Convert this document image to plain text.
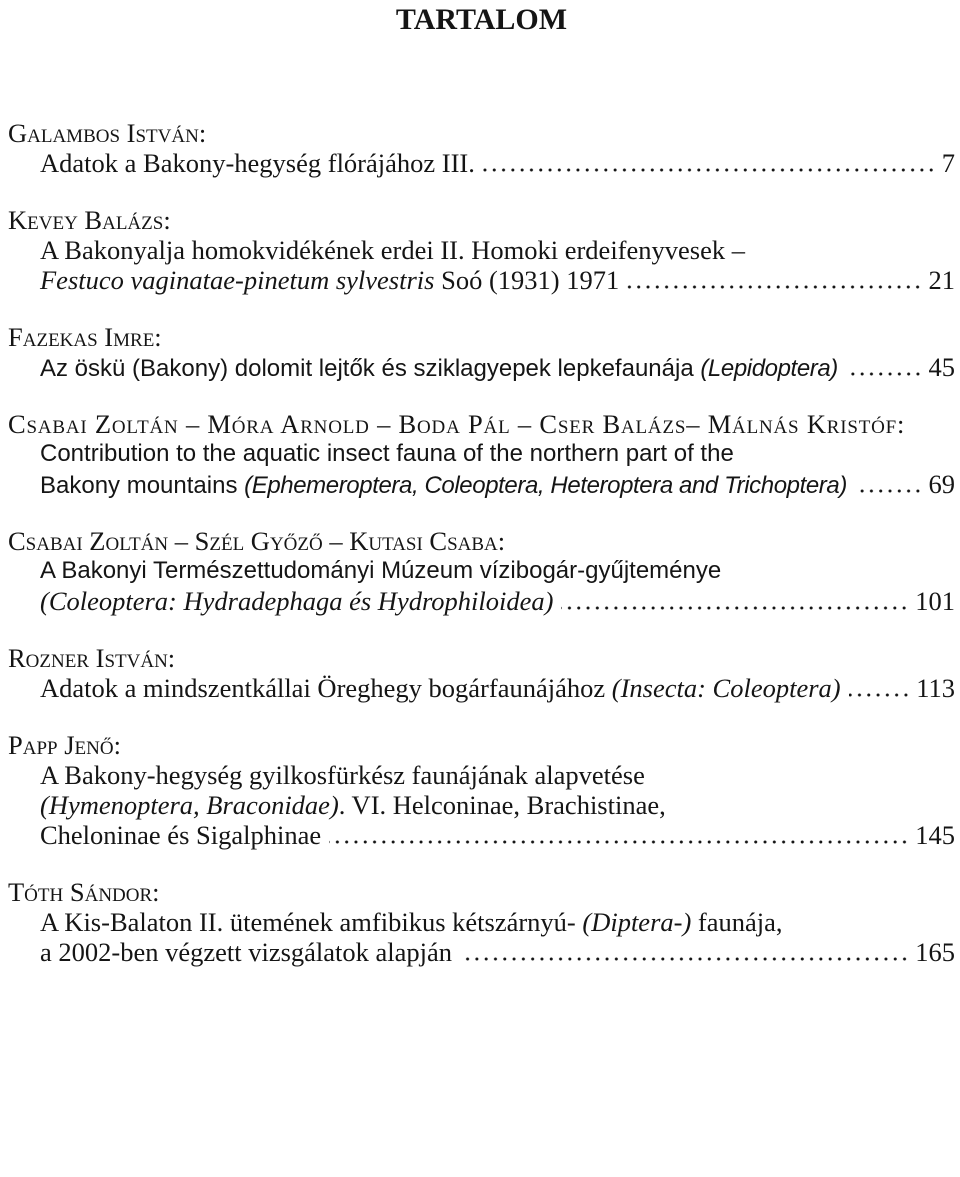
TARTALOM
Galambos István:
Adatok a Bakony-hegység flórájához III.	7
Kevey Balázs:
A Bakonyalja homokvidékének erdei II. Homoki erdeifenyvesek –
Festuco vaginatae-pinetum sylvestris Soó (1931) 1971	21
Fazekas Imre:
Az öskü (Bakony) dolomit lejtők és sziklagyepek lepkefaunája (Lepidoptera)	45
Csabai Zoltán – Móra Arnold – Boda Pál – Cser Balázs– Málnás Kristóf:
Contribution to the aquatic insect fauna of the northern part of the
Bakony mountains (Ephemeroptera, Coleoptera, Heteroptera and Trichoptera)	69
Csabai Zoltán – Szél Győző – Kutasi Csaba:
A Bakonyi Természettudományi Múzeum vízibogár-gyűjteménye
(Coleoptera: Hydradephaga és Hydrophiloidea)	101
Rozner István:
Adatok a mindszentkállai Öreghegy bogárfaunájához (Insecta: Coleoptera)	113
Papp Jenő:
A Bakony-hegység gyilkosfürkész faunájának alapvetése
(Hymenoptera, Braconidae). VI. Helconinae, Brachistinae,
Cheloninae és Sigalphinae	145
Tóth Sándor:
A Kis-Balaton II. ütemének amfibikus kétszárnyú- (Diptera-) faunája,
a 2002-ben végzett vizsgálatok alapján	165
